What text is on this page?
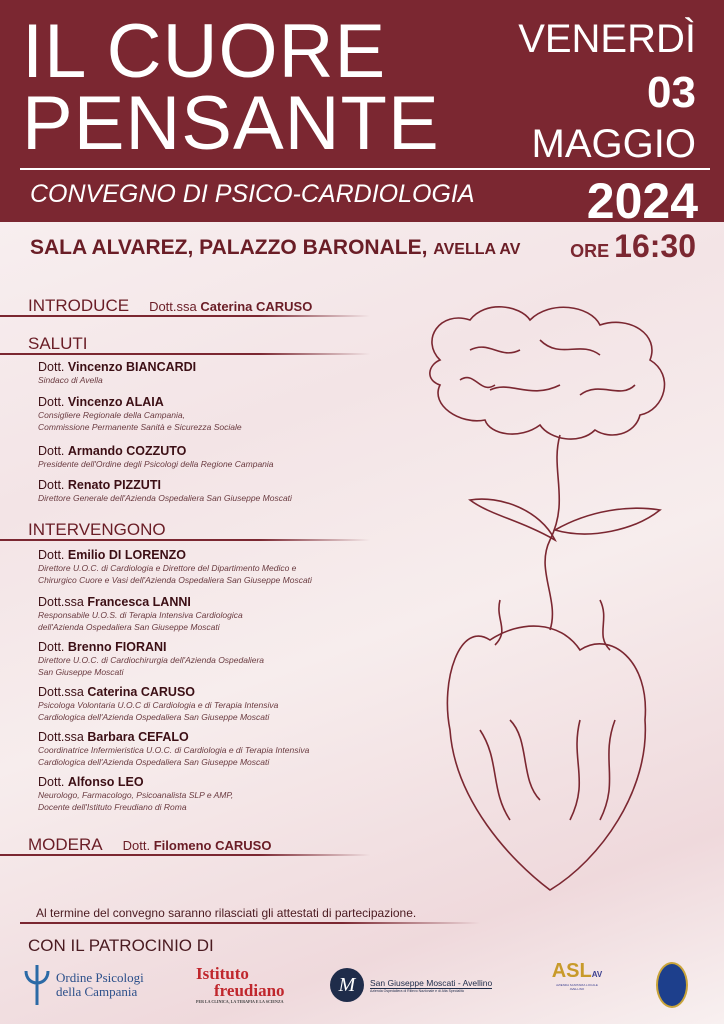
IL CUORE
PENSANTE
CONVEGNO DI PSICO-CARDIOLOGIA
VENERDÌ
03
MAGGIO
2024
SALA ALVAREZ, PALAZZO BARONALE, AVELLA AV	ORE 16:30
INTRODUCE Dott.ssa Caterina CARUSO
SALUTI
Dott. Vincenzo BIANCARDI
Sindaco di Avella
Dott. Vincenzo ALAIA
Consigliere Regionale della Campania,
Commissione Permanente Sanità e Sicurezza Sociale
Dott. Armando COZZUTO
Presidente dell'Ordine degli Psicologi della Regione Campania
Dott. Renato PIZZUTI
Direttore Generale dell'Azienda Ospedaliera San Giuseppe Moscati
INTERVENGONO
Dott. Emilio DI LORENZO
Direttore U.O.C. di Cardiologia e Direttore del Dipartimento Medico e
Chirurgico Cuore e Vasi dell'Azienda Ospedaliera San Giuseppe Moscati
Dott.ssa Francesca LANNI
Responsabile U.O.S. di Terapia Intensiva Cardiologica
dell'Azienda Ospedaliera San Giuseppe Moscati
Dott. Brenno FIORANI
Direttore U.O.C. di Cardiochirurgia dell'Azienda Ospedaliera
San Giuseppe Moscati
Dott.ssa Caterina CARUSO
Psicologa Volontaria U.O.C di Cardiologia e di Terapia Intensiva
Cardiologica dell'Azienda Ospedaliera San Giuseppe Moscati
Dott.ssa Barbara CEFALO
Coordinatrice Infermieristica U.O.C. di Cardiologia e di Terapia Intensiva
Cardiologica dell'Azienda Ospedaliera San Giuseppe Moscati
Dott. Alfonso LEO
Neurologo, Farmacologo, Psicoanalista SLP e AMP,
Docente dell'Istituto Freudiano di Roma
MODERA Dott. Filomeno CARUSO
Al termine del convegno saranno rilasciati gli attestati di partecipazione.
CON IL PATROCINIO DI
Ordine Psicologi
della Campania
Istituto
freudiano
PER LA CLINICA, LA TERAPIA E LA SCIENZA
M	San Giuseppe Moscati - Avellino
Azienda Ospedaliera di Rilievo Nazionale e di Alta Specialità
ASLAV
AZIENDA SANITARIA LOCALE AVELLINO
